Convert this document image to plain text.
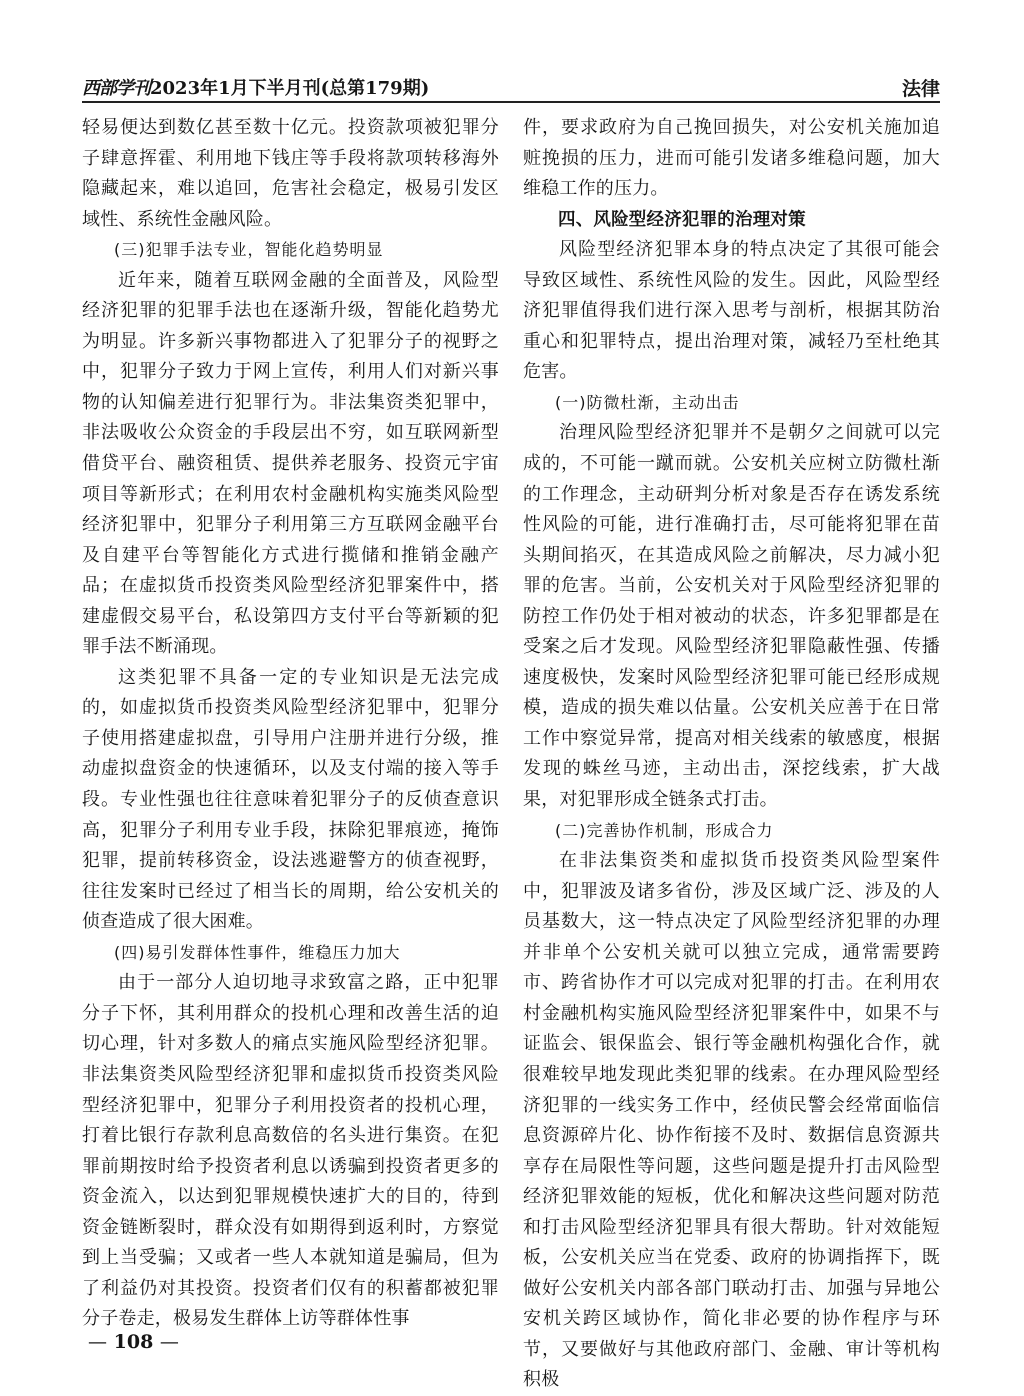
西部学刊2023年1月下半月刊(总第179期)	法律

轻易便达到数亿甚至数十亿元。投资款项被犯罪分子肆意挥霍、利用地下钱庄等手段将款项转移海外隐藏起来，难以追回，危害社会稳定，极易引发区域性、系统性金融风险。

(三)犯罪手法专业，智能化趋势明显

近年来，随着互联网金融的全面普及，风险型经济犯罪的犯罪手法也在逐渐升级，智能化趋势尤为明显。许多新兴事物都进入了犯罪分子的视野之中，犯罪分子致力于网上宣传，利用人们对新兴事物的认知偏差进行犯罪行为。非法集资类犯罪中，非法吸收公众资金的手段层出不穷，如互联网新型借贷平台、融资租赁、提供养老服务、投资元宇宙项目等新形式；在利用农村金融机构实施类风险型经济犯罪中，犯罪分子利用第三方互联网金融平台及自建平台等智能化方式进行揽储和推销金融产品；在虚拟货币投资类风险型经济犯罪案件中，搭建虚假交易平台，私设第四方支付平台等新颖的犯罪手法不断涌现。

这类犯罪不具备一定的专业知识是无法完成的，如虚拟货币投资类风险型经济犯罪中，犯罪分子使用搭建虚拟盘，引导用户注册并进行分级，推动虚拟盘资金的快速循环，以及支付端的接入等手段。专业性强也往往意味着犯罪分子的反侦查意识高，犯罪分子利用专业手段，抹除犯罪痕迹，掩饰犯罪，提前转移资金，设法逃避警方的侦查视野，往往发案时已经过了相当长的周期，给公安机关的侦查造成了很大困难。

(四)易引发群体性事件，维稳压力加大

由于一部分人迫切地寻求致富之路，正中犯罪分子下怀，其利用群众的投机心理和改善生活的迫切心理，针对多数人的痛点实施风险型经济犯罪。非法集资类风险型经济犯罪和虚拟货币投资类风险型经济犯罪中，犯罪分子利用投资者的投机心理，打着比银行存款利息高数倍的名头进行集资。在犯罪前期按时给予投资者利息以诱骗到投资者更多的资金流入，以达到犯罪规模快速扩大的目的，待到资金链断裂时，群众没有如期得到返利时，方察觉到上当受骗；又或者一些人本就知道是骗局，但为了利益仍对其投资。投资者们仅有的积蓄都被犯罪分子卷走，极易发生群体上访等群体性事

件，要求政府为自己挽回损失，对公安机关施加追赃挽损的压力，进而可能引发诸多维稳问题，加大维稳工作的压力。

四、风险型经济犯罪的治理对策

风险型经济犯罪本身的特点决定了其很可能会导致区域性、系统性风险的发生。因此，风险型经济犯罪值得我们进行深入思考与剖析，根据其防治重心和犯罪特点，提出治理对策，减轻乃至杜绝其危害。

(一)防微杜渐，主动出击

治理风险型经济犯罪并不是朝夕之间就可以完成的，不可能一蹴而就。公安机关应树立防微杜渐的工作理念，主动研判分析对象是否存在诱发系统性风险的可能，进行准确打击，尽可能将犯罪在苗头期间掐灭，在其造成风险之前解决，尽力减小犯罪的危害。当前，公安机关对于风险型经济犯罪的防控工作仍处于相对被动的状态，许多犯罪都是在受案之后才发现。风险型经济犯罪隐蔽性强、传播速度极快，发案时风险型经济犯罪可能已经形成规模，造成的损失难以估量。公安机关应善于在日常工作中察觉异常，提高对相关线索的敏感度，根据发现的蛛丝马迹，主动出击，深挖线索，扩大战果，对犯罪形成全链条式打击。

(二)完善协作机制，形成合力

在非法集资类和虚拟货币投资类风险型案件中，犯罪波及诸多省份，涉及区域广泛、涉及的人员基数大，这一特点决定了风险型经济犯罪的办理并非单个公安机关就可以独立完成，通常需要跨市、跨省协作才可以完成对犯罪的打击。在利用农村金融机构实施风险型经济犯罪案件中，如果不与证监会、银保监会、银行等金融机构强化合作，就很难较早地发现此类犯罪的线索。在办理风险型经济犯罪的一线实务工作中，经侦民警会经常面临信息资源碎片化、协作衔接不及时、数据信息资源共享存在局限性等问题，这些问题是提升打击风险型经济犯罪效能的短板，优化和解决这些问题对防范和打击风险型经济犯罪具有很大帮助。针对效能短板，公安机关应当在党委、政府的协调指挥下，既做好公安机关内部各部门联动打击、加强与异地公安机关跨区域协作，简化非必要的协作程序与环节，又要做好与其他政府部门、金融、审计等机构积极

— 108 —
